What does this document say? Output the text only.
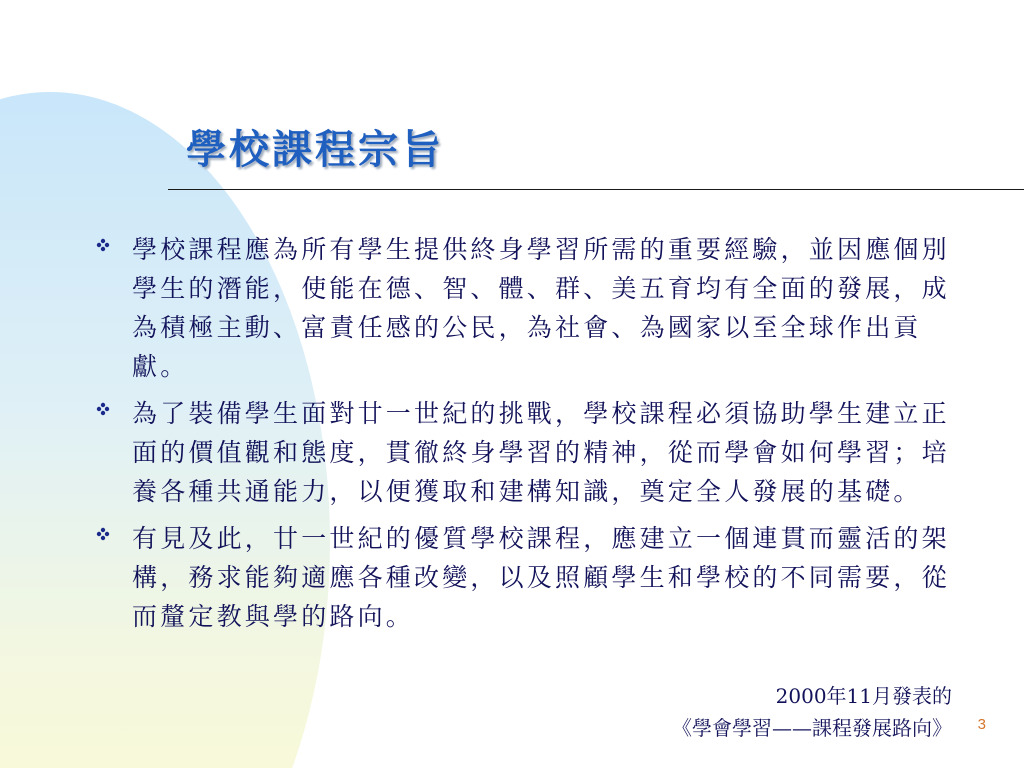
學校課程宗旨
學校課程應為所有學生提供終身學習所需的重要經驗，並因應個別學生的潛能，使能在德、智、體、群、美五育均有全面的發展，成為積極主動、富責任感的公民，為社會、為國家以至全球作出貢獻。
為了裝備學生面對廿一世紀的挑戰，學校課程必須協助學生建立正面的價值觀和態度，貫徹終身學習的精神，從而學會如何學習；培養各種共通能力，以便獲取和建構知識，奠定全人發展的基礎。
有見及此，廿一世紀的優質學校課程，應建立一個連貫而靈活的架構，務求能夠適應各種改變，以及照顧學生和學校的不同需要，從而釐定教與學的路向。
2000年11月發表的
《學會學習——課程發展路向》 3
